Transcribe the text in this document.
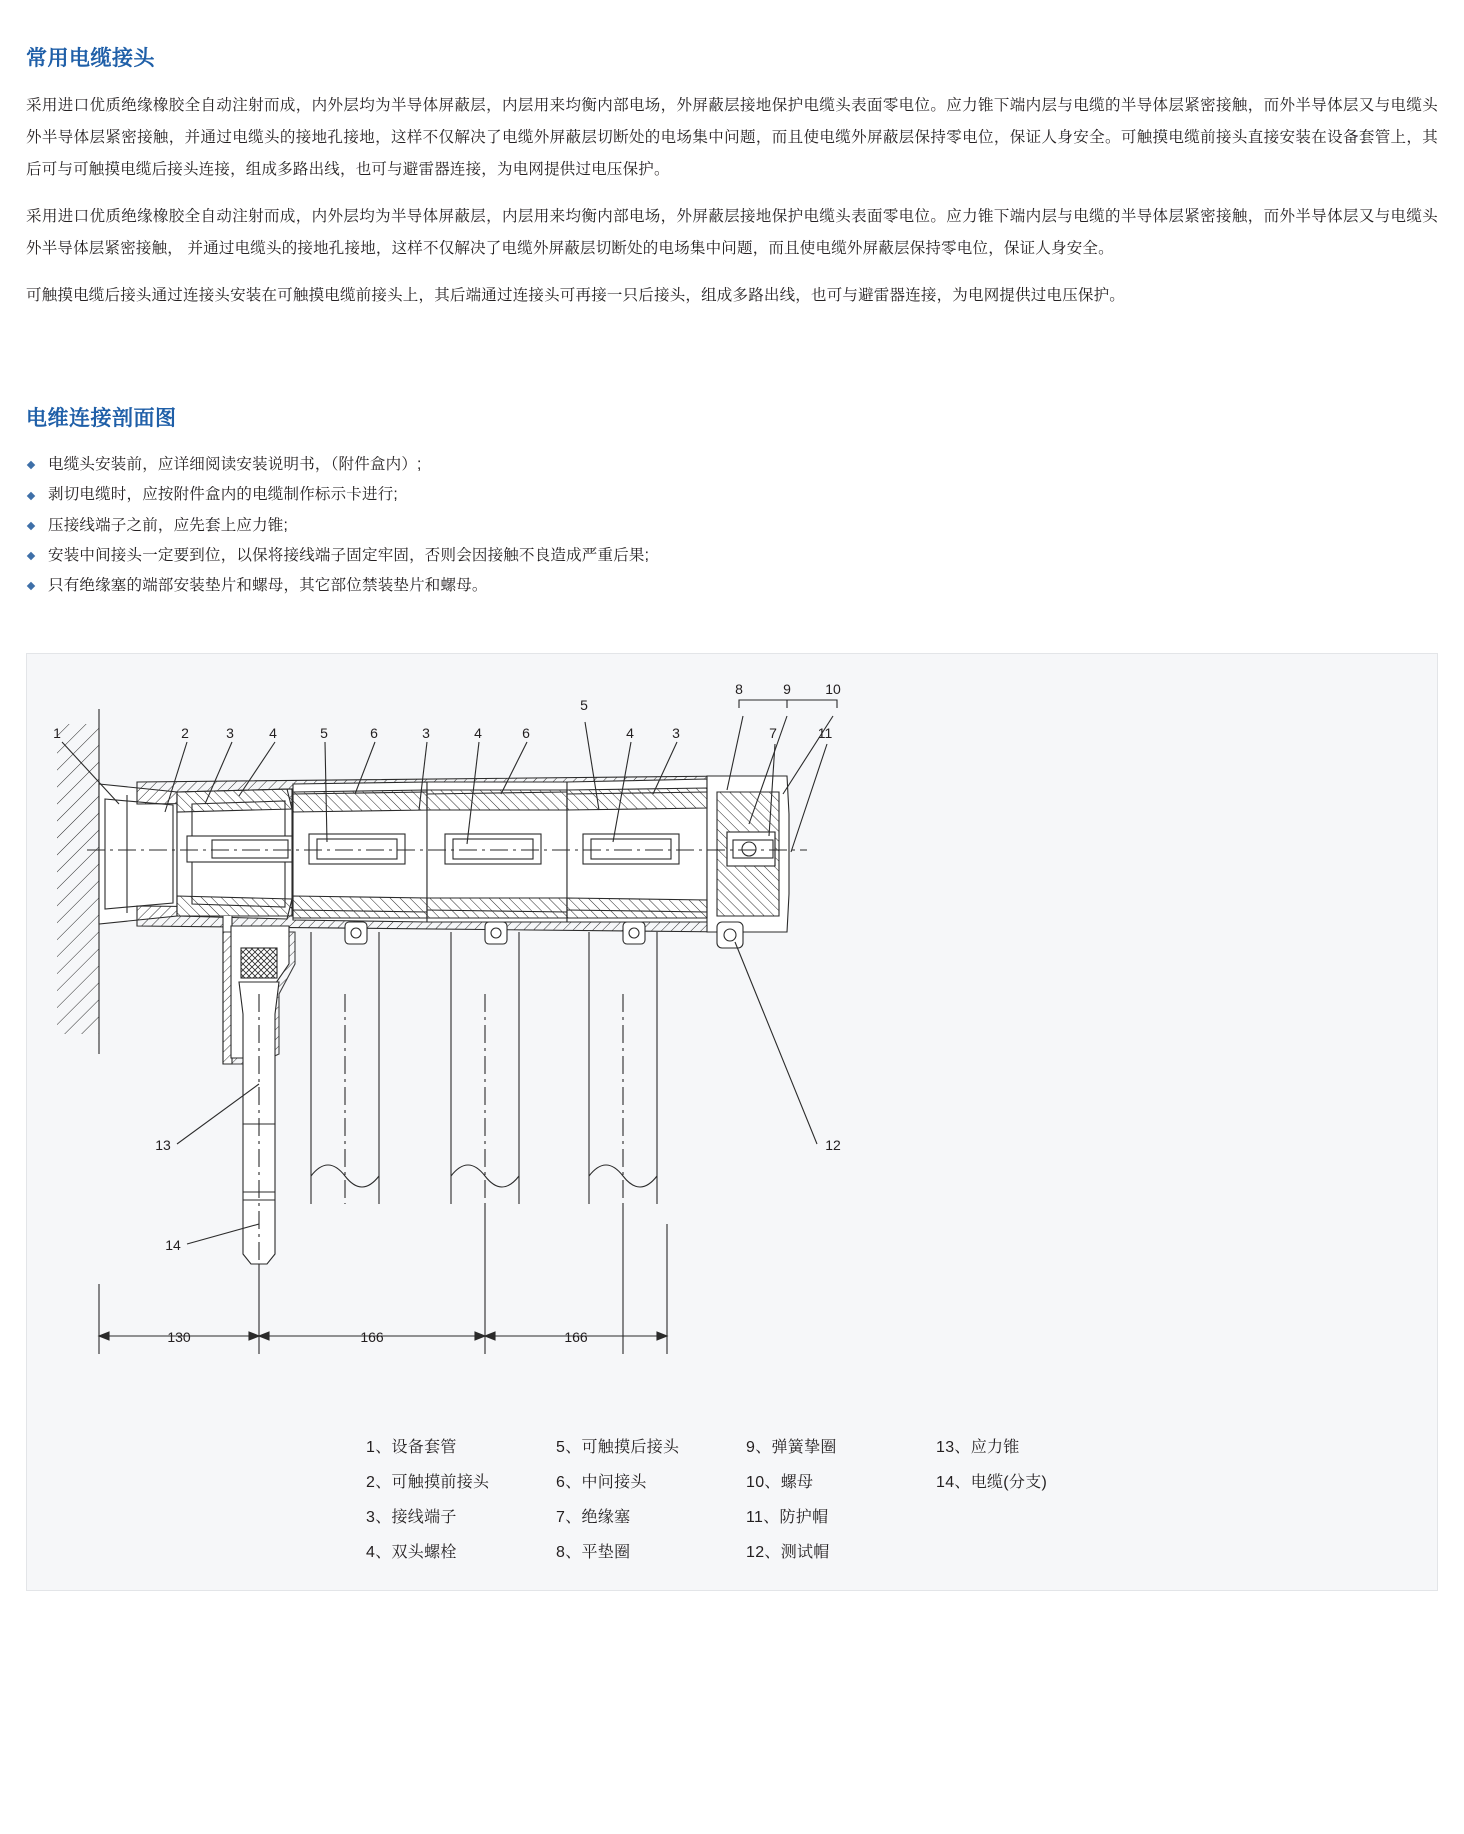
常用电缆接头

采用进口优质绝缘橡胶全自动注射而成，内外层均为半导体屏蔽层，内层用来均衡内部电场，外屏蔽层接地保护电缆头表面零电位。应力锥下端内层与电缆的半导体层紧密接触，而外半导体层又与电缆头外半导体层紧密接触，并通过电缆头的接地孔接地，这样不仅解决了电缆外屏蔽层切断处的电场集中问题，而且使电缆外屏蔽层保持零电位，保证人身安全。可触摸电缆前接头直接安装在设备套管上，其后可与可触摸电缆后接头连接，组成多路出线，也可与避雷器连接，为电网提供过电压保护。

采用进口优质绝缘橡胶全自动注射而成，内外层均为半导体屏蔽层，内层用来均衡内部电场，外屏蔽层接地保护电缆头表面零电位。应力锥下端内层与电缆的半导体层紧密接触，而外半导体层又与电缆头外半导体层紧密接触， 并通过电缆头的接地孔接地，这样不仅解决了电缆外屏蔽层切断处的电场集中问题，而且使电缆外屏蔽层保持零电位，保证人身安全。

可触摸电缆后接头通过连接头安装在可触摸电缆前接头上，其后端通过连接头可再接一只后接头，组成多路出线，也可与避雷器连接，为电网提供过电压保护。

电维连接剖面图
电缆头安装前，应详细阅读安装说明书，（附件盒内）;
剥切电缆时，应按附件盒内的电缆制作标示卡进行;
压接线端子之前，应先套上应力锥;
安装中间接头一定要到位，以保将接线端子固定牢固，否则会因接触不良造成严重后果;
只有绝缘塞的端部安装垫片和螺母，其它部位禁装垫片和螺母。
1	2	3	4	5	6	3	4	6	4	3
5
8	9 10
7	11
12
13
14
130	166	166
1、设备套管	5、可触摸后接头	9、弹簧挚圈	13、应力锥
2、可触摸前接头	6、中问接头	10、螺母	14、电缆(分支)
3、接线端子	7、绝缘塞	11、防护帽
4、双头螺栓	8、平垫圈	12、测试帽
